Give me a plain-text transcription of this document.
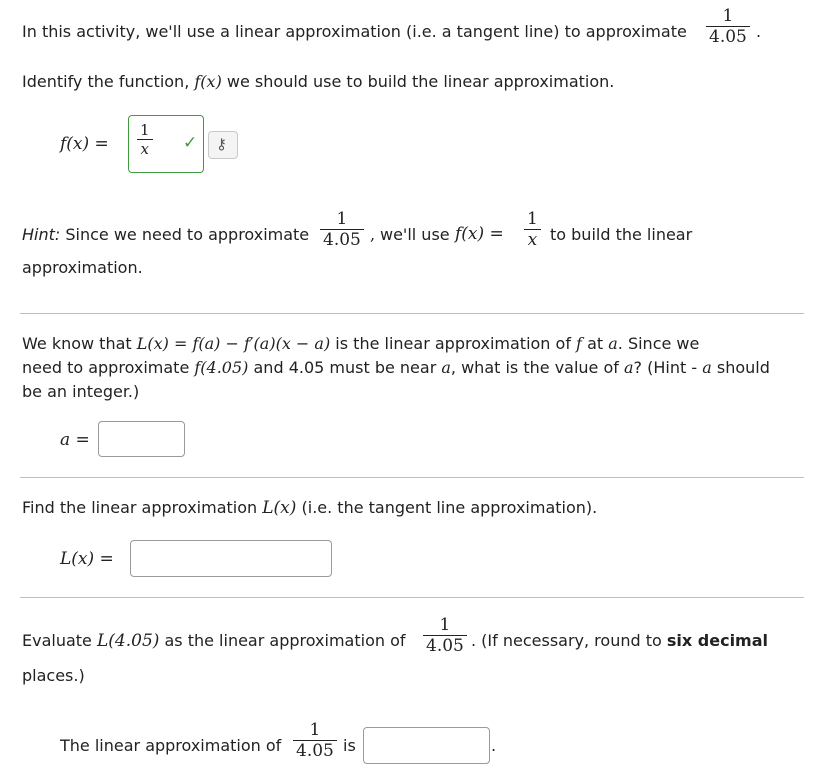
In this activity, we'll use a linear approximation (i.e. a tangent line) to approximate
1
4.05 .
Identify the function, f(x) we should use to build the linear approximation.
f(x) =
1
x ✓ ⚷
Hint: Since we need to approximate
1
4.05 , we'll use f(x) =
1
x to build the linear
approximation.
We know that L(x) = f(a) − f′(a)(x − a) is the linear approximation of f at a. Since we
need to approximate f(4.05) and 4.05 must be near a, what is the value of a? (Hint - a should
be an integer.)
a =
Find the linear approximation L(x) (i.e. the tangent line approximation).
L(x) =
Evaluate L(4.05) as the linear approximation of
1
4.05 . (If necessary, round to six decimal
places.)
The linear approximation of
1
4.05 is	.
